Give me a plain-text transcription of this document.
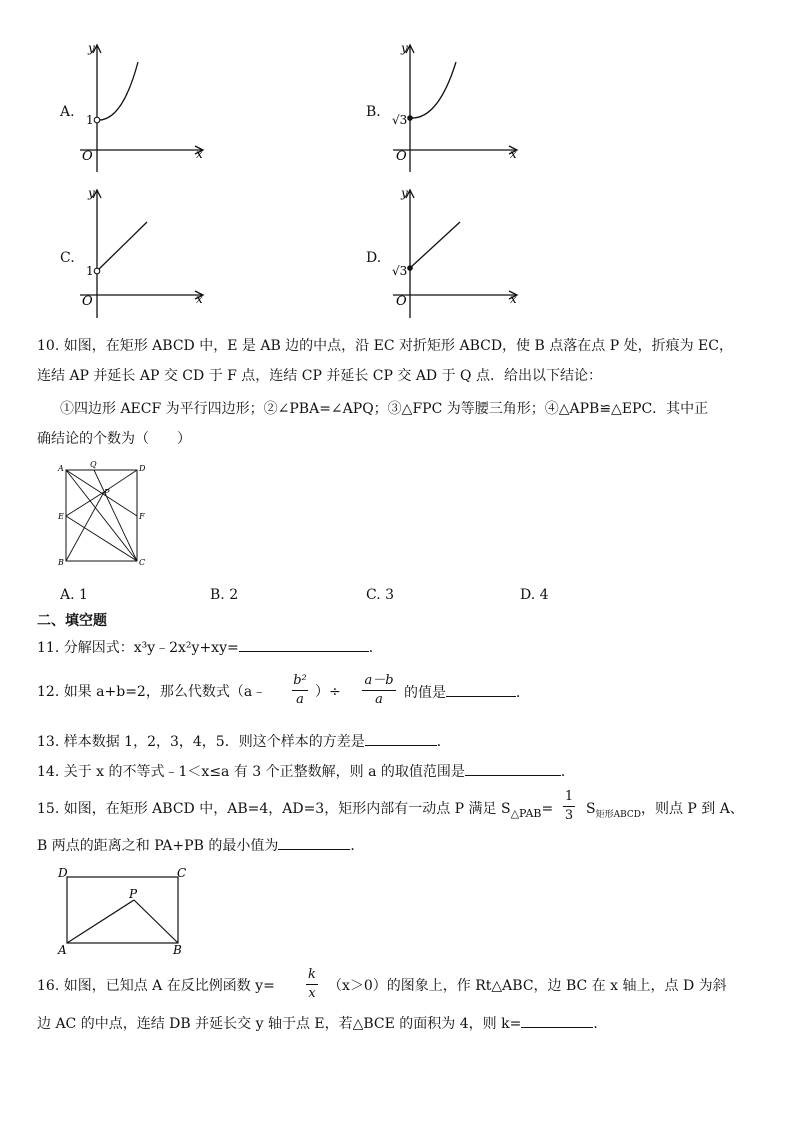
A.
y
x
O
1	B.
y
x
O
√3
C.
y
x
O
1
D.
y
x
O
√3
10. 如图，在矩形 ABCD 中，E 是 AB 边的中点，沿 EC 对折矩形 ABCD，使 B 点落在点 P 处，折痕为 EC，
连结 AP 并延长 AP 交 CD 于 F 点，连结 CP 并延长 CP 交 AD 于 Q 点．给出以下结论：
①四边形 AECF 为平行四边形；②∠PBA=∠APQ；③△FPC 为等腰三角形；④△APB≌△EPC．其中正
确结论的个数为（　　）
A	Q	D
P
E	F
B	C
A. 1	B. 2	C. 3	D. 4
二、填空题
11. 分解因式：x³y﹣2x²y+xy=	．
12. 如果 a+b=2，那么代数式（a﹣
b²
a ）÷
a－b
a	的值是	．
13. 样本数据 1，2，3，4，5．则这个样本的方差是	．
14. 关于 x 的不等式﹣1＜x≤a 有 3 个正整数解，则 a 的取值范围是	．
15. 如图，在矩形 ABCD 中，AB=4，AD=3，矩形内部有一动点 P 满足 $S_{\triangle PAB}=$
1
3 $S_{矩形ABCD}$，则点 P 到 A、
B 两点的距离之和 PA+PB 的最小值为	．
D	C
P
A	B
16. 如图，已知点 A 在反比例函数 y=
k
x （x＞0）的图象上，作 Rt△ABC，边 BC 在 x 轴上，点 D 为斜
边 AC 的中点，连结 DB 并延长交 y 轴于点 E，若△BCE 的面积为 4，则 k=	．
